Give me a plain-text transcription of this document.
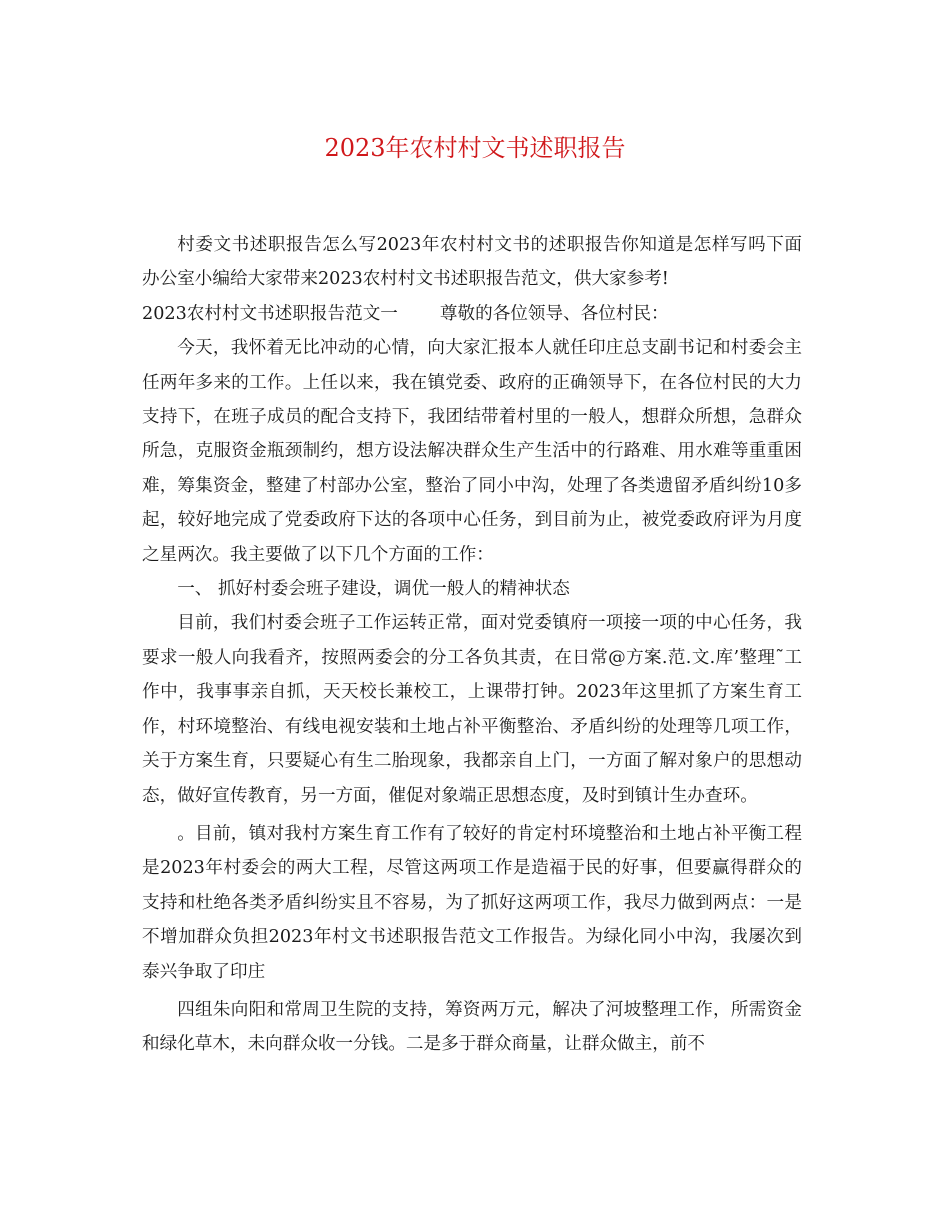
2023年农村村文书述职报告

村委文书述职报告怎么写2023年农村村文书的述职报告你知道是怎样写吗下面办公室小编给大家带来2023农村村文书述职报告范文，供大家参考!

2023农村村文书述职报告范文一 尊敬的各位领导、各位村民：

今天，我怀着无比冲动的心情，向大家汇报本人就任印庄总支副书记和村委会主任两年多来的工作。上任以来，我在镇党委、政府的正确领导下，在各位村民的大力支持下，在班子成员的配合支持下，我团结带着村里的一般人，想群众所想，急群众所急，克服资金瓶颈制约，想方设法解决群众生产生活中的行路难、用水难等重重困难，筹集资金，整建了村部办公室，整治了同小中沟，处理了各类遗留矛盾纠纷10多起，较好地完成了党委政府下达的各项中心任务，到目前为止，被党委政府评为月度之星两次。我主要做了以下几个方面的工作：

一、 抓好村委会班子建设，调优一般人的精神状态

目前，我们村委会班子工作运转正常，面对党委镇府一项接一项的中心任务，我要求一般人向我看齐，按照两委会的分工各负其责，在日常@方案.范.文.库’整理˜工作中，我事事亲自抓，天天校长兼校工，上课带打钟。2023年这里抓了方案生育工作，村环境整治、有线电视安装和土地占补平衡整治、矛盾纠纷的处理等几项工作，关于方案生育，只要疑心有生二胎现象，我都亲自上门，一方面了解对象户的思想动态，做好宣传教育，另一方面，催促对象端正思想态度，及时到镇计生办查环。

。目前，镇对我村方案生育工作有了较好的肯定村环境整治和土地占补平衡工程是2023年村委会的两大工程，尽管这两项工作是造福于民的好事，但要赢得群众的支持和杜绝各类矛盾纠纷实且不容易，为了抓好这两项工作，我尽力做到两点：一是不增加群众负担2023年村文书述职报告范文工作报告。为绿化同小中沟，我屡次到泰兴争取了印庄

四组朱向阳和常周卫生院的支持，筹资两万元，解决了河坡整理工作，所需资金和绿化草木，未向群众收一分钱。二是多于群众商量，让群众做主，前不
